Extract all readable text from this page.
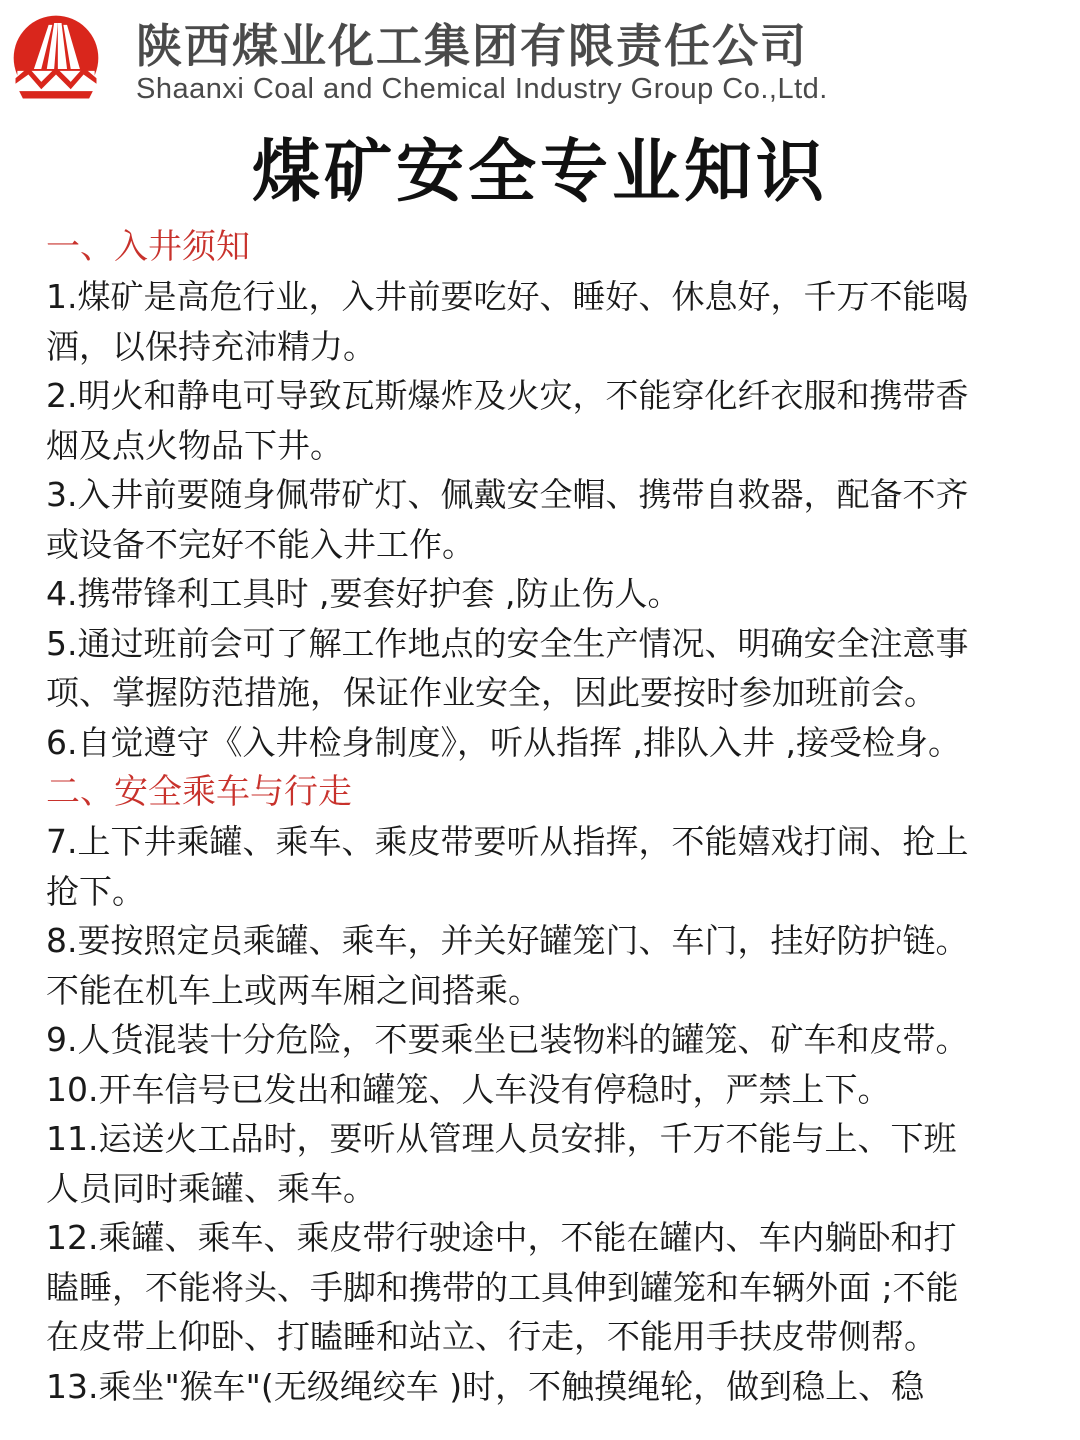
陕西煤业化工集团有限责任公司
Shaanxi Coal and Chemical Industry Group Co.,Ltd.
煤矿安全专业知识
一、入井须知
1.煤矿是高危行业，入井前要吃好、睡好、休息好，千万不能喝
酒，以保持充沛精力。
2.明火和静电可导致瓦斯爆炸及火灾，不能穿化纤衣服和携带香
烟及点火物品下井。
3.入井前要随身佩带矿灯、佩戴安全帽、携带自救器，配备不齐
或设备不完好不能入井工作。
4.携带锋利工具时 ,要套好护套 ,防止伤人。
5.通过班前会可了解工作地点的安全生产情况、明确安全注意事
项、掌握防范措施，保证作业安全，因此要按时参加班前会。
6.自觉遵守《入井检身制度》，听从指挥 ,排队入井 ,接受检身。
二、安全乘车与行走
7.上下井乘罐、乘车、乘皮带要听从指挥，不能嬉戏打闹、抢上
抢下。
8.要按照定员乘罐、乘车，并关好罐笼门、车门，挂好防护链。
不能在机车上或两车厢之间搭乘。
9.人货混装十分危险，不要乘坐已装物料的罐笼、矿车和皮带。
10.开车信号已发出和罐笼、人车没有停稳时，严禁上下。
11.运送火工品时，要听从管理人员安排，千万不能与上、下班
人员同时乘罐、乘车。
12.乘罐、乘车、乘皮带行驶途中，不能在罐内、车内躺卧和打
瞌睡，不能将头、手脚和携带的工具伸到罐笼和车辆外面 ;不能
在皮带上仰卧、打瞌睡和站立、行走，不能用手扶皮带侧帮。
13.乘坐"猴车"(无级绳绞车 )时，不触摸绳轮，做到稳上、稳
